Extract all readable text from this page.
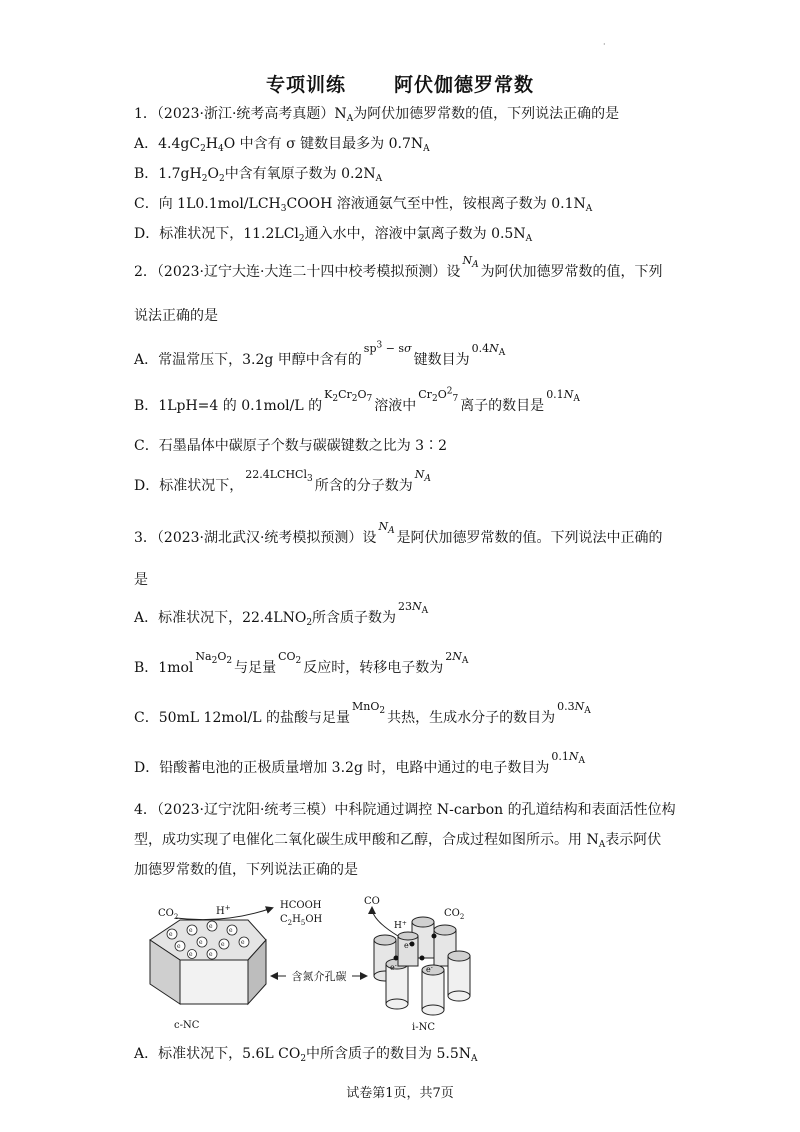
·
专项训练	阿伏伽德罗常数
1．（2023·浙江·统考高考真题）$N_A$为阿伏加德罗常数的值，下列说法正确的是
A．$4.4gC_2H_4O$ 中含有 σ 键数目最多为 $0.7N_A$
B．$1.7gH_2O_2$中含有氧原子数为 $0.2N_A$
C．向 $1L0.1mol/LCH_3COOH$ 溶液通氨气至中性，铵根离子数为 $0.1N_A$
D．标准状况下，11.2LCl$_2$通入水中，溶液中氯离子数为 $0.5N_A$
2．（2023·辽宁大连·大连二十四中校考模拟预测）设$N_A$ 为阿伏加德罗常数的值，下列
说法正确的是
A．常温常压下，3.2g 甲醇中含有的$sp^3 - s\sigma$键数目为$0.4N_A$
B．1LpH=4 的 0.1mol/L 的$K_2Cr_2O_7$ 溶液中$Cr_2O^2_7$ 离子的数目是$0.1N_A$
C．石墨晶体中碳原子个数与碳碳键数之比为 3∶2
D．标准状况下，22.4LCHCl$_3$ 所含的分子数为$N_A$
3．（2023·湖北武汉·统考模拟预测）设$N_A$ 是阿伏加德罗常数的值。下列说法中正确的
是
A．标准状况下，$22.4LNO_2$所含质子数为$23N_A$
B．$1molNa_2O_2$ 与足量$CO_2$ 反应时，转移电子数为$2N_A$
C．50mL 12mol/L 的盐酸与足量MnO$_2$ 共热，生成水分子的数目为$0.3N_A$
D．铅酸蓄电池的正极质量增加 3.2g 时，电路中通过的电子数目为$0.1N_A$
4．（2023·辽宁沈阳·统考三模）中科院通过调控 N-carbon 的孔道结构和表面活性位构
型，成功实现了电催化二氧化碳生成甲酸和乙醇，合成过程如图所示。用 $N_A$表示阿伏
加德罗常数的值，下列说法正确的是
e
e
e
e
e
e	e	e
e
e
$CO_2$	H+	HCOOH
$C_2H_5OH$
含氮介孔碳
e-
e-	e-
CO
H+
$CO_2$
c-NC	i-NC
A．标准状况下，5.6L $CO_2$中所含质子的数目为 $5.5N_A$
试卷第1页，共7页
